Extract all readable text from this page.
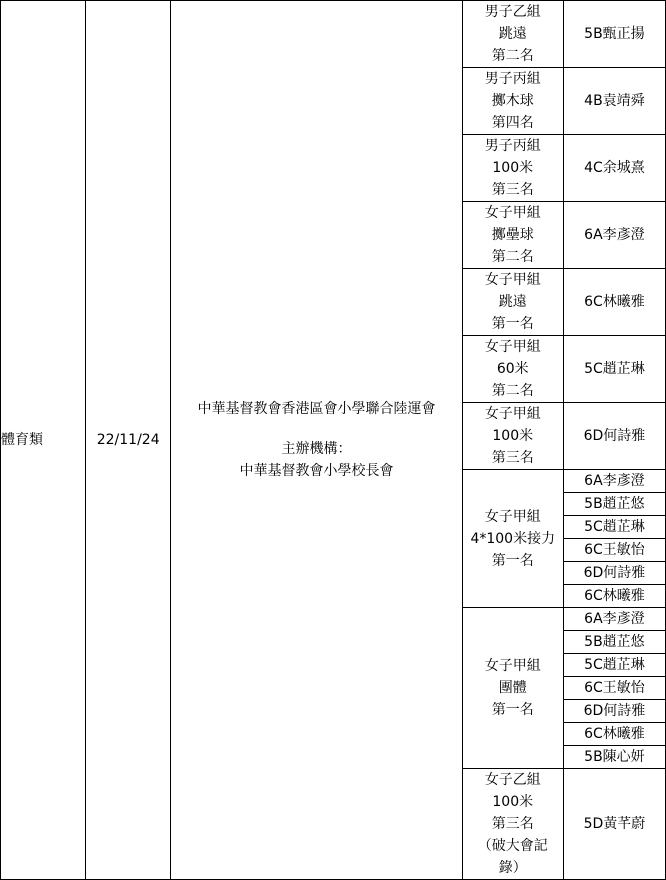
體育類	22/11/24	中華基督教會香港區會小學聯合陸運會
主辦機構：
中華基督教會小學校長會	男子乙組
跳遠
第二名	5B甄正揚

			男子丙組
擲木球
第四名	4B袁靖舜

			男子丙組
100米
第三名	4C余城熹

			女子甲組
擲壘球
第二名	6A李彥澄

			女子甲組
跳遠
第一名	6C林曦雅

			女子甲組
60米
第二名	5C趙芷琳

			女子甲組
100米
第三名	6D何詩雅

			女子甲組
4*100米接力
第一名	6A李彥澄
				5B趙芷悠
				5C趙芷琳
				6C王敏怡
				6D何詩雅
				6C林曦雅

			女子甲組
團體
第一名	6A李彥澄
				5B趙芷悠
				5C趙芷琳
				6C王敏怡
				6D何詩雅
				6C林曦雅
				5B陳心妍

			女子乙組
100米
第三名
（破大會記
錄）	5D黃芊蔚
